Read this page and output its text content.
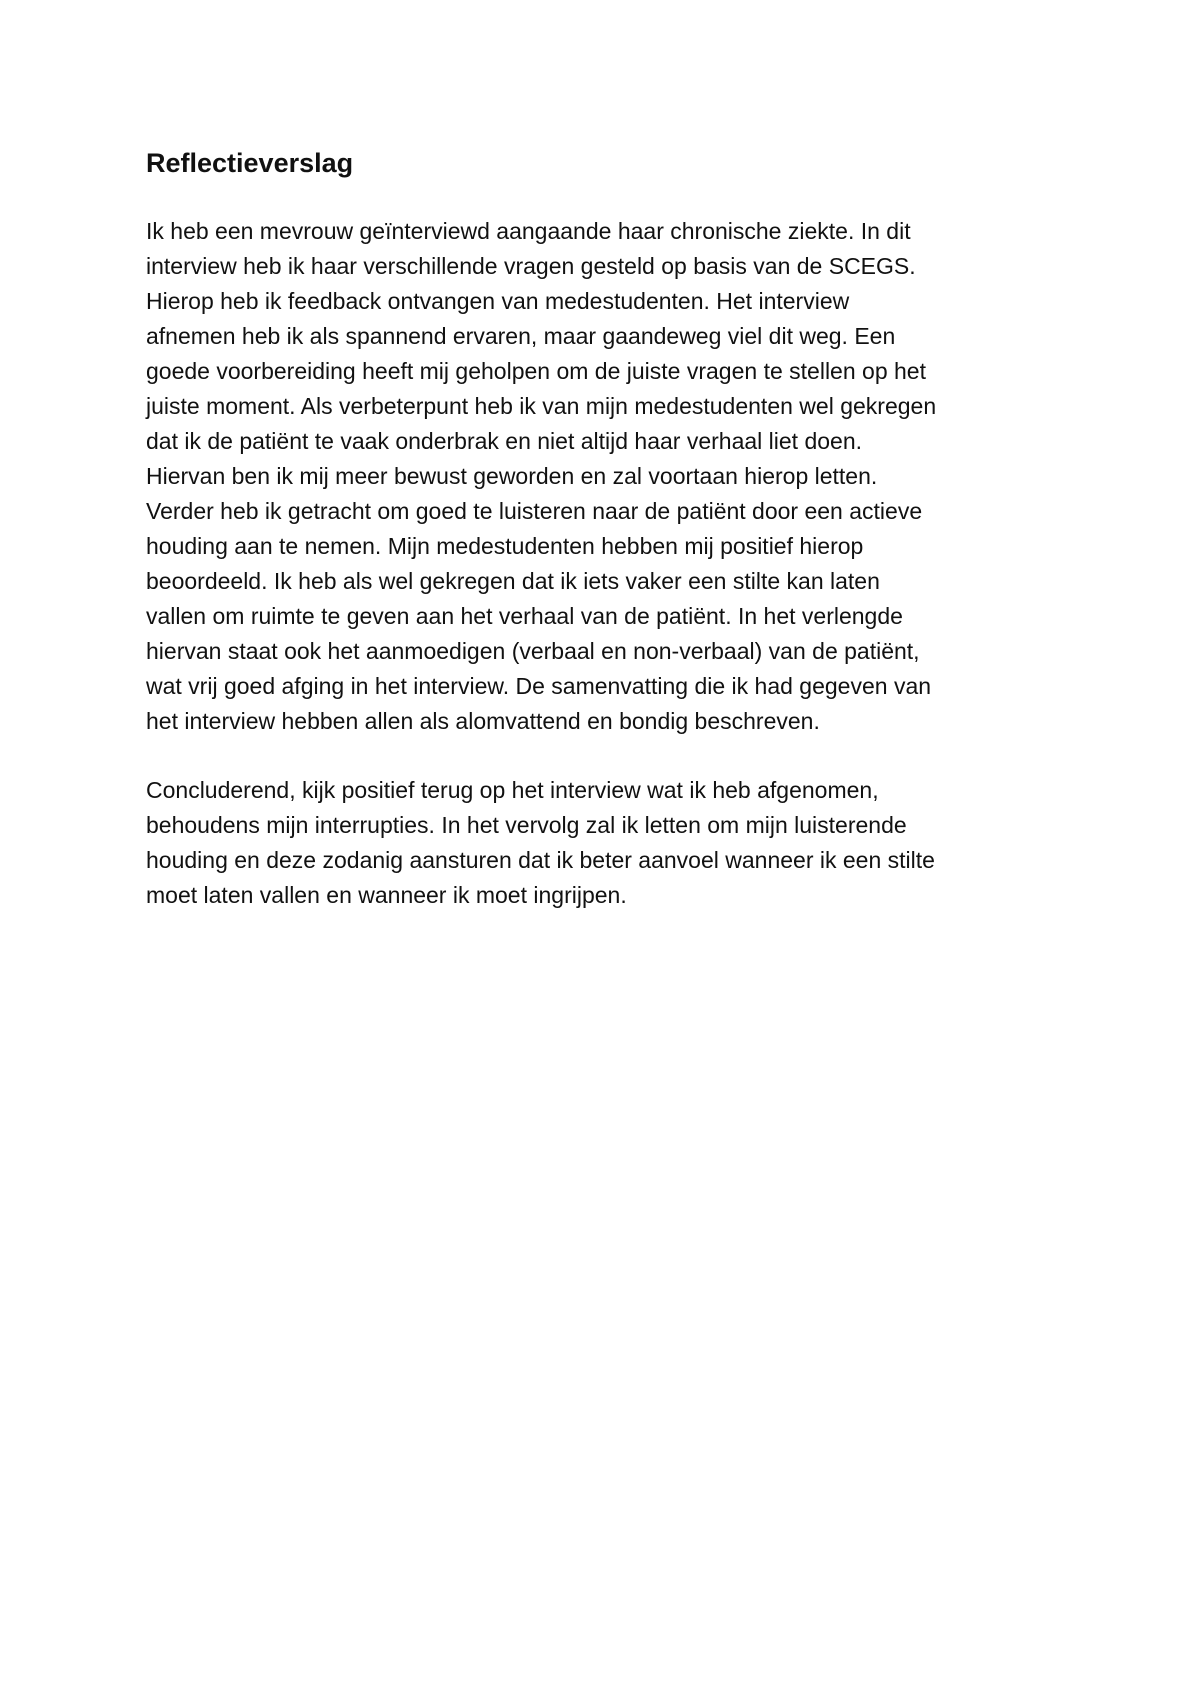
Reflectieverslag

Ik heb een mevrouw geïnterviewd aangaande haar chronische ziekte. In dit
interview heb ik haar verschillende vragen gesteld op basis van de SCEGS.
Hierop heb ik feedback ontvangen van medestudenten. Het interview
afnemen heb ik als spannend ervaren, maar gaandeweg viel dit weg. Een
goede voorbereiding heeft mij geholpen om de juiste vragen te stellen op het
juiste moment. Als verbeterpunt heb ik van mijn medestudenten wel gekregen
dat ik de patiënt te vaak onderbrak en niet altijd haar verhaal liet doen.
Hiervan ben ik mij meer bewust geworden en zal voortaan hierop letten.
Verder heb ik getracht om goed te luisteren naar de patiënt door een actieve
houding aan te nemen. Mijn medestudenten hebben mij positief hierop
beoordeeld. Ik heb als wel gekregen dat ik iets vaker een stilte kan laten
vallen om ruimte te geven aan het verhaal van de patiënt. In het verlengde
hiervan staat ook het aanmoedigen (verbaal en non-verbaal) van de patiënt,
wat vrij goed afging in het interview. De samenvatting die ik had gegeven van
het interview hebben allen als alomvattend en bondig beschreven.

Concluderend, kijk positief terug op het interview wat ik heb afgenomen,
behoudens mijn interrupties. In het vervolg zal ik letten om mijn luisterende
houding en deze zodanig aansturen dat ik beter aanvoel wanneer ik een stilte
moet laten vallen en wanneer ik moet ingrijpen.
